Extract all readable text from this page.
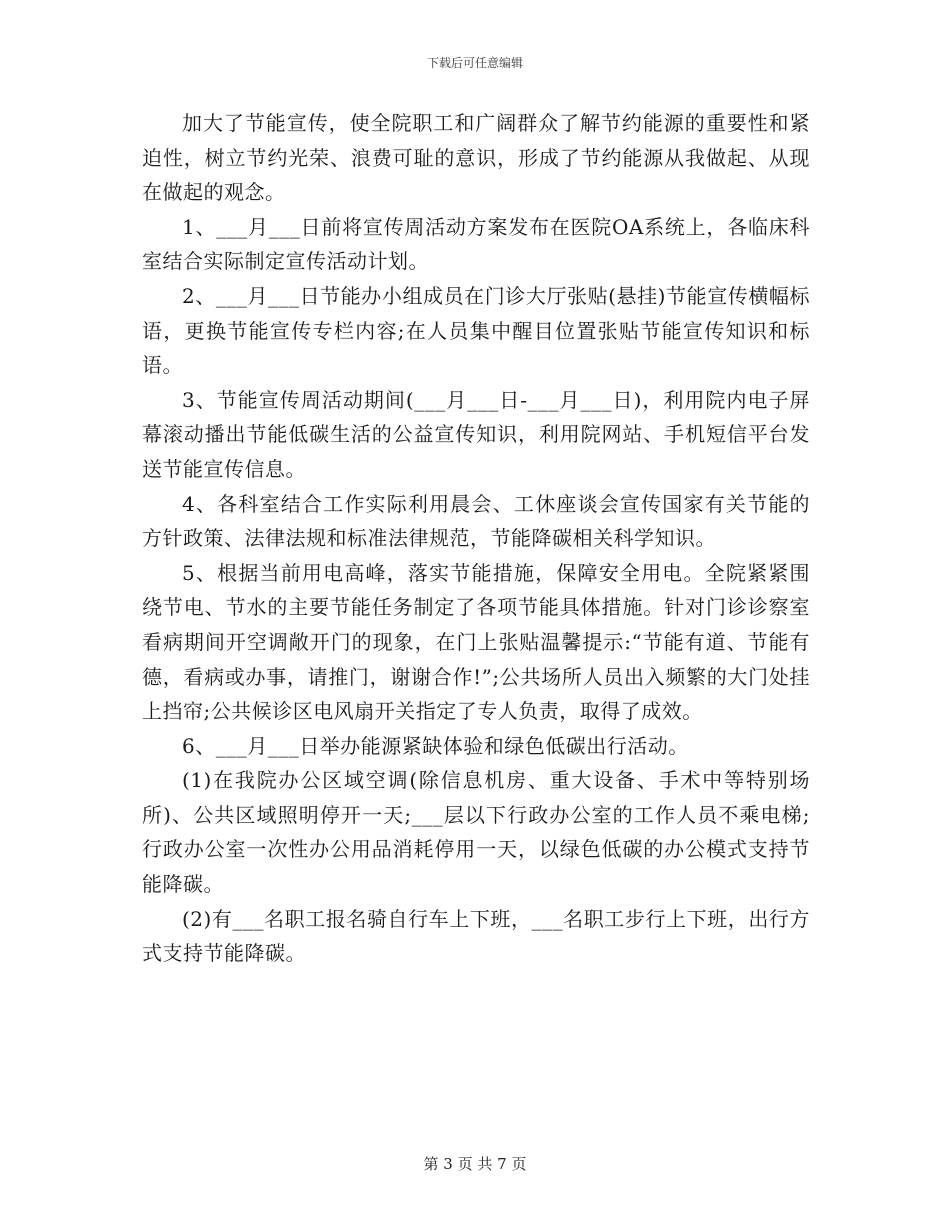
下载后可任意编辑

加大了节能宣传，使全院职工和广阔群众了解节约能源的重要性和紧迫性，树立节约光荣、浪费可耻的意识，形成了节约能源从我做起、从现在做起的观念。

1、___月___日前将宣传周活动方案发布在医院OA系统上，各临床科室结合实际制定宣传活动计划。

2、___月___日节能办小组成员在门诊大厅张贴(悬挂)节能宣传横幅标语，更换节能宣传专栏内容;在人员集中醒目位置张贴节能宣传知识和标语。

3、节能宣传周活动期间(___月___日-___月___日)，利用院内电子屏幕滚动播出节能低碳生活的公益宣传知识，利用院网站、手机短信平台发送节能宣传信息。

4、各科室结合工作实际利用晨会、工休座谈会宣传国家有关节能的方针政策、法律法规和标准法律规范，节能降碳相关科学知识。

5、根据当前用电高峰，落实节能措施，保障安全用电。全院紧紧围绕节电、节水的主要节能任务制定了各项节能具体措施。针对门诊诊察室看病期间开空调敞开门的现象，在门上张贴温馨提示:“节能有道、节能有德，看病或办事，请推门，谢谢合作!”;公共场所人员出入频繁的大门处挂上挡帘;公共候诊区电风扇开关指定了专人负责，取得了成效。

6、___月___日举办能源紧缺体验和绿色低碳出行活动。

(1)在我院办公区域空调(除信息机房、重大设备、手术中等特别场所)、公共区域照明停开一天;___层以下行政办公室的工作人员不乘电梯;行政办公室一次性办公用品消耗停用一天，以绿色低碳的办公模式支持节能降碳。

(2)有___名职工报名骑自行车上下班，___名职工步行上下班，出行方式支持节能降碳。

第 3 页 共 7 页
